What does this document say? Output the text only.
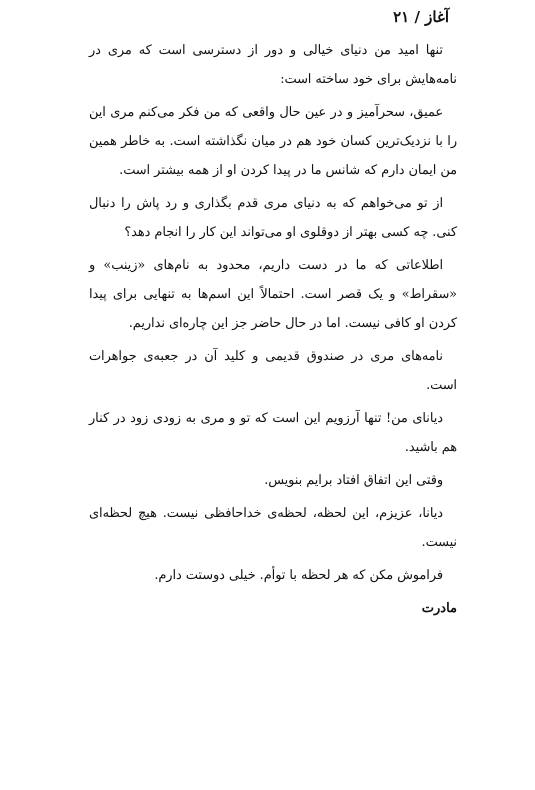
آغاز / ۲۱

تنها امید من دنیای خیالی و دور از دسترسی است که مری در نامه‌هایش برای خود ساخته است:

عمیق، سحرآمیز و در عین حال واقعی که من فکر می‌کنم مری این را با نزدیک‌ترین کسان خود هم در میان نگذاشته است. به خاطر همین من ایمان دارم که شانس ما در پیدا کردن او از همه بیشتر است.

از تو می‌خواهم که به دنیای مری قدم بگذاری و رد پاش را دنبال کنی. چه کسی بهتر از دوقلوی او می‌تواند این کار را انجام دهد؟

اطلاعاتی که ما در دست داریم، محدود به نام‌های «زینب» و «سقراط» و یک قصر است. احتمالاً این اسم‌ها به تنهایی برای پیدا کردن او کافی نیست. اما در حال حاضر جز این چاره‌ای نداریم.

نامه‌های مری در صندوق قدیمی و کلید آن در جعبه‌ی جواهرات است.

دیانای من! تنها آرزویم این است که تو و مری به زودی زود در کنار هم باشید.

وقتی این اتفاق افتاد برایم بنویس.

دیانا، عزیزم، این لحظه، لحظه‌ی خداحافظی نیست. هیچ لحظه‌ای نیست.

فراموش مکن که هر لحظه با توأم. خیلی دوستت دارم.

مادرت
